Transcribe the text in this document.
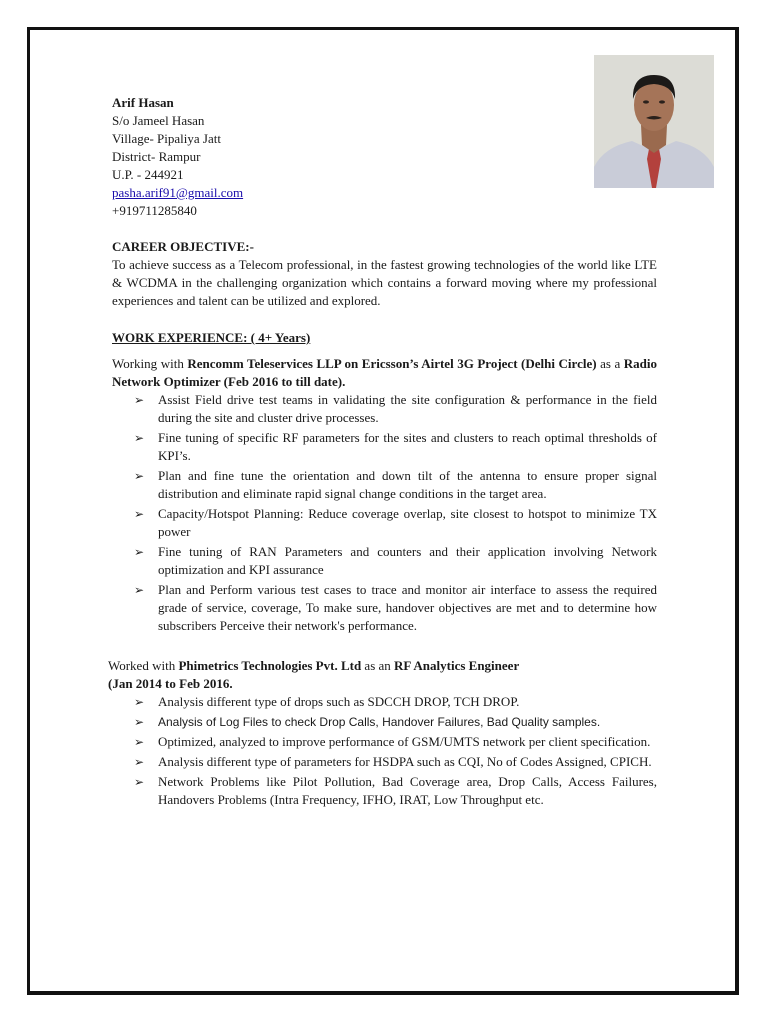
Arif Hasan
S/o Jameel Hasan
Village- Pipaliya Jatt
District- Rampur
U.P. - 244921
pasha.arif91@gmail.com
+919711285840
CAREER OBJECTIVE:-

To achieve success as a Telecom professional, in the fastest growing technologies of the world like LTE & WCDMA in the challenging organization which contains a forward moving where my professional experiences and talent can be utilized and explored.

WORK EXPERIENCE: ( 4+ Years)
Working with Rencomm Teleservices LLP on Ericsson’s Airtel 3G Project (Delhi Circle) as a Radio Network Optimizer (Feb 2016 to till date).
➢ Assist Field drive test teams in validating the site configuration & performance in the field during the site and cluster drive processes.
➢ Fine tuning of specific RF parameters for the sites and clusters to reach optimal thresholds of KPI’s.
➢ Plan and fine tune the orientation and down tilt of the antenna to ensure proper signal distribution and eliminate rapid signal change conditions in the target area.
➢ Capacity/Hotspot Planning: Reduce coverage overlap, site closest to hotspot to minimize TX power
➢ Fine tuning of RAN Parameters and counters and their application involving Network optimization and KPI assurance
➢ Plan and Perform various test cases to trace and monitor air interface to assess the required grade of service, coverage, To make sure, handover objectives are met and to determine how subscribers Perceive their network's performance.
Worked with Phimetrics Technologies Pvt. Ltd as an RF Analytics Engineer
(Jan 2014 to Feb 2016.
➢ Analysis different type of drops such as SDCCH DROP, TCH DROP.
➢ Analysis of Log Files to check Drop Calls, Handover Failures, Bad Quality samples.
➢ Optimized, analyzed to improve performance of GSM/UMTS network per client specification.
➢ Analysis different type of parameters for HSDPA such as CQI, No of Codes Assigned, CPICH.
➢ Network Problems like Pilot Pollution, Bad Coverage area, Drop Calls, Access Failures, Handovers Problems (Intra Frequency, IFHO, IRAT, Low Throughput etc.
